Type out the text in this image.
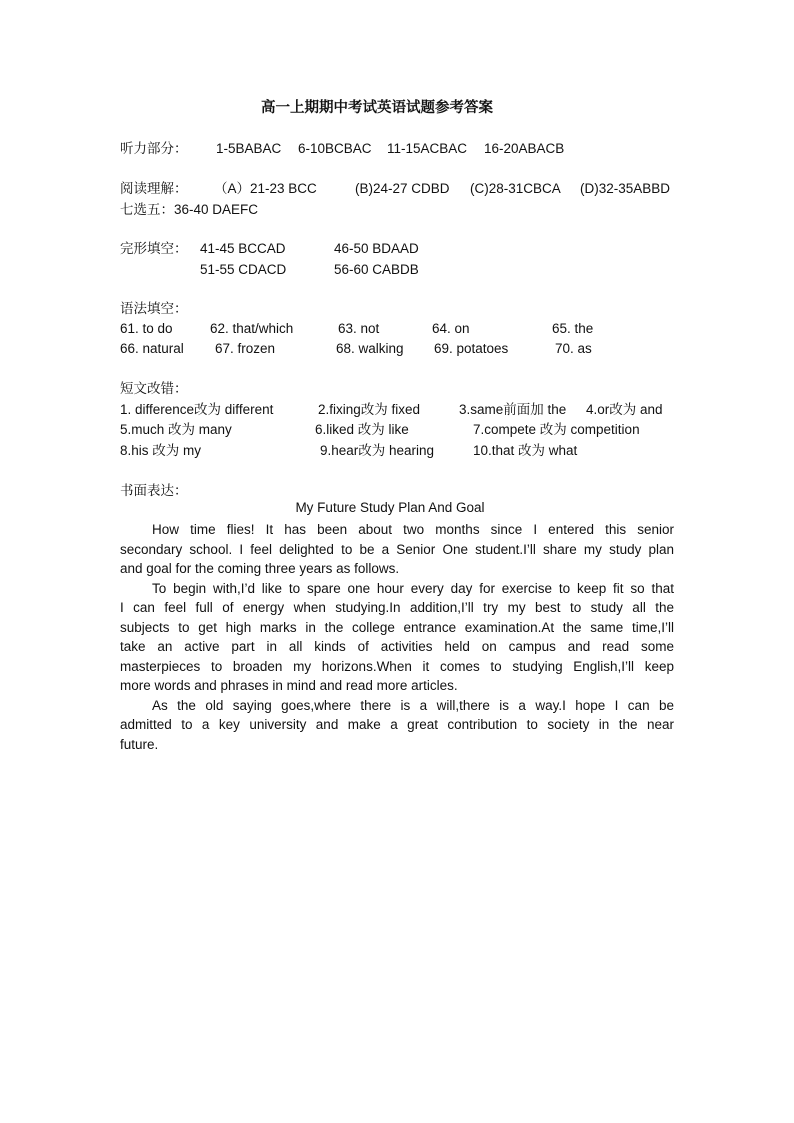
高一上期期中考试英语试题参考答案
听力部分： 1-5BABAC 6-10BCBAC 11-15ACBAC 16-20ABACB
阅读理解： （A）21-23 BCC	(B)24-27 CDBD (C)28-31CBCA (D)32-35ABBD
七选五：36-40 DAEFC
完形填空： 41-45 BCCAD	46-50 BDAAD
51-55 CDACD	56-60 CABDB
语法填空：
61. to do	62. that/which	63. not	64. on	65. the
66. natural 67. frozen	68. walking 69. potatoes	70. as
短文改错：
1. difference改为 different	2.fixing改为 fixed	3.same前面加 the 4.or改为 and
5.much 改为 many	6.liked 改为 like	7.compete 改为 competition
8.his 改为 my	9.hear改为 hearing	10.that 改为 what
书面表达：
My Future Study Plan And Goal
How time flies! It has been about two months since I entered this senior
secondary school. I feel delighted to be a Senior One student.I’ll share my study plan
and goal for the coming three years as follows.
To begin with,I’d like to spare one hour every day for exercise to keep fit so that
I can feel full of energy when studying.In addition,I’ll try my best to study all the
subjects to get high marks in the college entrance examination.At the same time,I’ll
take an active part in all kinds of activities held on campus and read some
masterpieces to broaden my horizons.When it comes to studying English,I’ll keep
more words and phrases in mind and read more articles.
As the old saying goes,where there is a will,there is a way.I hope I can be
admitted to a key university and make a great contribution to society in the near
future.
